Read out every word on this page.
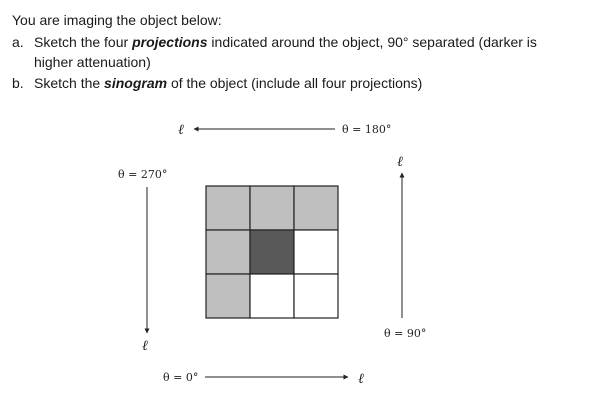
You are imaging the object below:
a. Sketch the four projections indicated around the object, 90° separated (darker is
higher attenuation)
b. Sketch the sinogram of the object (include all four projections)
ℓ	θ = 180°
θ = 270°
ℓ
ℓ
θ = 90°
θ = 0°	ℓ
